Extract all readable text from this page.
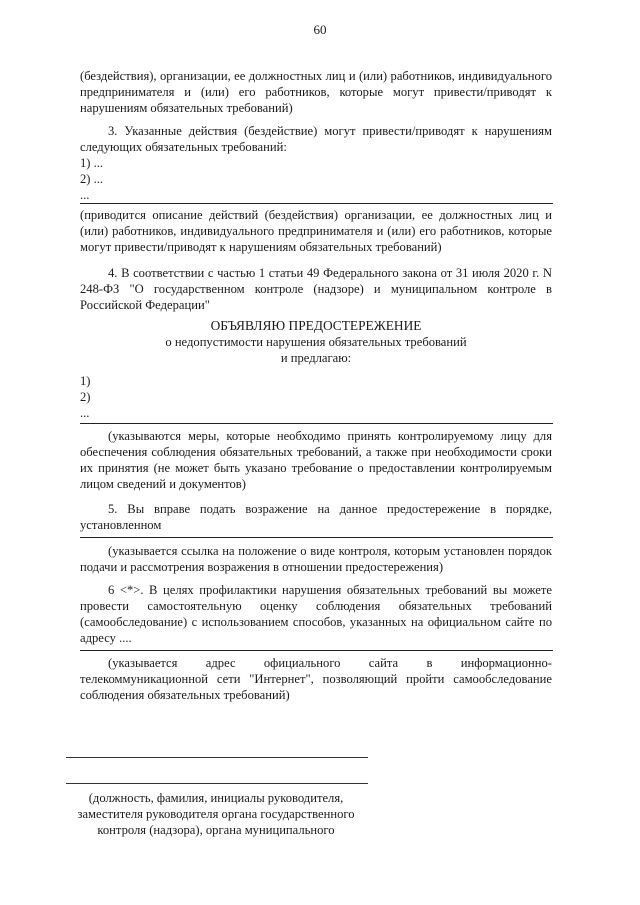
60
(бездействия), организации, ее должностных лиц и (или) работников, индивидуального предпринимателя и (или) его работников, которые могут привести/приводят к нарушениям обязательных требований)
3. Указанные действия (бездействие) могут привести/приводят к нарушениям следующих обязательных требований:
1) ...
2) ...
...
(приводится описание действий (бездействия) организации, ее должностных лиц и (или) работников, индивидуального предпринимателя и (или) его работников, которые могут привести/приводят к нарушениям обязательных требований)
4. В соответствии с частью 1 статьи 49 Федерального закона от 31 июля 2020 г. N 248-ФЗ "О государственном контроле (надзоре) и муниципальном контроле в Российской Федерации"
ОБЪЯВЛЯЮ ПРЕДОСТЕРЕЖЕНИЕ
о недопустимости нарушения обязательных требований
и предлагаю:
1)
2)
...
(указываются меры, которые необходимо принять контролируемому лицу для обеспечения соблюдения обязательных требований, а также при необходимости сроки их принятия (не может быть указано требование о предоставлении контролируемым лицом сведений и документов)
5. Вы вправе подать возражение на данное предостережение в порядке, установленном
(указывается ссылка на положение о виде контроля, которым установлен порядок подачи и рассмотрения возражения в отношении предостережения)
6 <*>. В целях профилактики нарушения обязательных требований вы можете провести самостоятельную оценку соблюдения обязательных требований (самообследование) с использованием способов, указанных на официальном сайте по адресу ....
(указывается адрес официального сайта в информационно-телекоммуникационной сети "Интернет", позволяющий пройти самообследование соблюдения обязательных требований)
(должность, фамилия, инициалы руководителя, заместителя руководителя органа государственного контроля (надзора), органа муниципального
